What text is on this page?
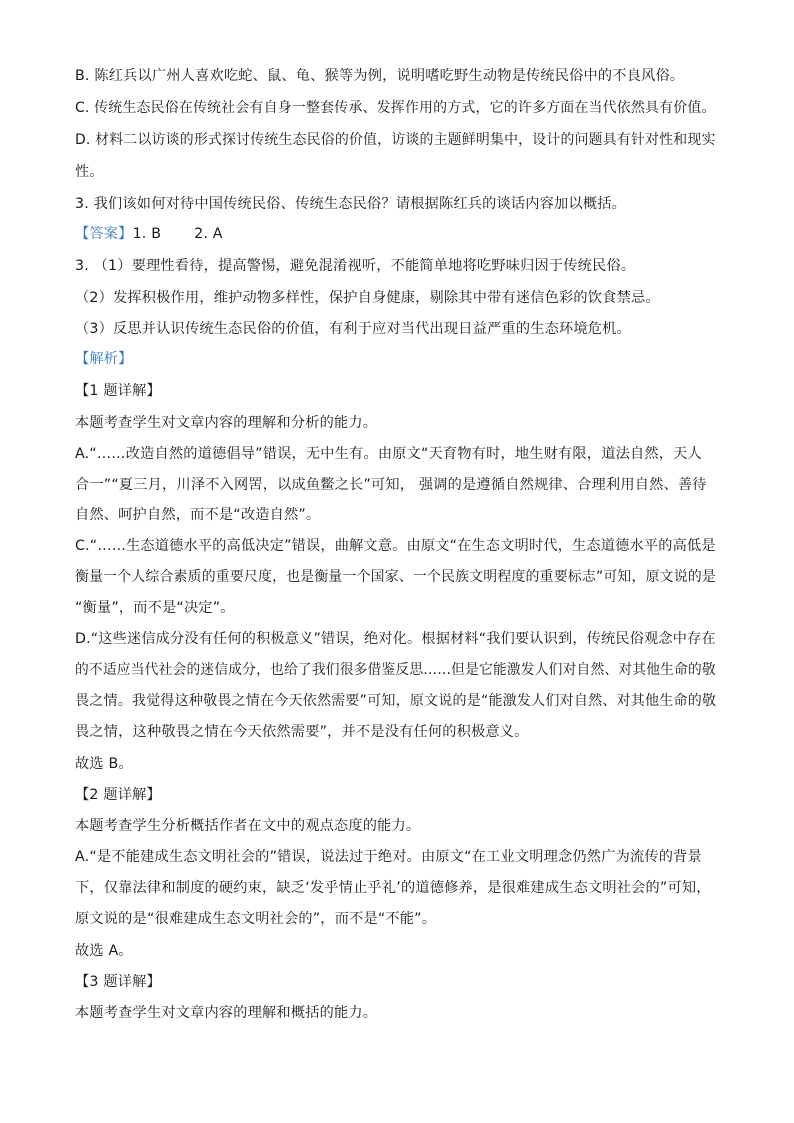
B. 陈红兵以广州人喜欢吃蛇、鼠、龟、猴等为例，说明嗜吃野生动物是传统民俗中的不良风俗。
C. 传统生态民俗在传统社会有自身一整套传承、发挥作用的方式，它的许多方面在当代依然具有价值。
D. 材料二以访谈的形式探讨传统生态民俗的价值，访谈的主题鲜明集中，设计的问题具有针对性和现实
性。
3. 我们该如何对待中国传统民俗、传统生态民俗？请根据陈红兵的谈话内容加以概括。
【答案】1. B       2. A
3. （1）要理性看待，提高警惕，避免混淆视听，不能简单地将吃野味归因于传统民俗。
（2）发挥积极作用，维护动物多样性，保护自身健康，剔除其中带有迷信色彩的饮食禁忌。
（3）反思并认识传统生态民俗的价值，有利于应对当代出现日益严重的生态环境危机。
【解析】
【1 题详解】
本题考查学生对文章内容的理解和分析的能力。
A.“……改造自然的道德倡导”错误，无中生有。由原文“天育物有时，地生财有限，道法自然，天人
合一”“夏三月，川泽不入网罟，以成鱼鳖之长”可知， 强调的是遵循自然规律、合理利用自然、善待
自然、呵护自然，而不是“改造自然”。
C.“……生态道德水平的高低决定”错误，曲解文意。由原文“在生态文明时代，生态道德水平的高低是
衡量一个人综合素质的重要尺度，也是衡量一个国家、一个民族文明程度的重要标志”可知，原文说的是
“衡量”，而不是“决定”。
D.“这些迷信成分没有任何的积极意义”错误，绝对化。根据材料“我们要认识到，传统民俗观念中存在
的不适应当代社会的迷信成分，也给了我们很多借鉴反思……但是它能激发人们对自然、对其他生命的敬
畏之情。我觉得这种敬畏之情在今天依然需要”可知，原文说的是“能激发人们对自然、对其他生命的敬
畏之情，这种敬畏之情在今天依然需要”，并不是没有任何的积极意义。
故选 B。
【2 题详解】
本题考查学生分析概括作者在文中的观点态度的能力。
A.“是不能建成生态文明社会的”错误，说法过于绝对。由原文“在工业文明理念仍然广为流传的背景
下，仅靠法律和制度的硬约束，缺乏‘发乎情止乎礼’的道德修养，是很难建成生态文明社会的”可知，
原文说的是“很难建成生态文明社会的”，而不是“不能”。
故选 A。
【3 题详解】
本题考查学生对文章内容的理解和概括的能力。
